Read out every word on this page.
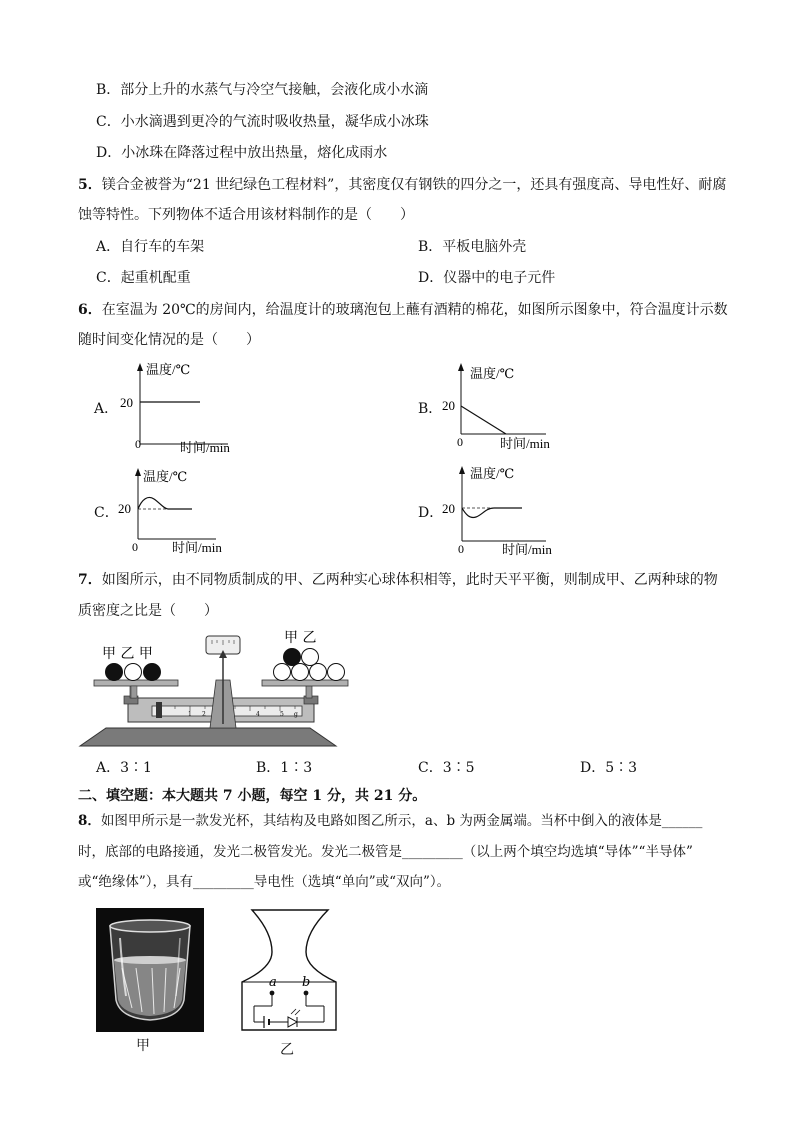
B．部分上升的水蒸气与冷空气接触，会液化成小水滴
C．小水滴遇到更冷的气流时吸收热量，凝华成小冰珠
D．小冰珠在降落过程中放出热量，熔化成雨水
5．镁合金被誉为“21 世纪绿色工程材料”，其密度仅有钢铁的四分之一，还具有强度高、导电性好、耐腐
蚀等特性。下列物体不适合用该材料制作的是（　　）
A．自行车的车架	B．平板电脑外壳
C．起重机配重	D．仪器中的电子元件
6．在室温为 20℃的房间内，给温度计的玻璃泡包上蘸有酒精的棉花，如图所示图象中，符合温度计示数
随时间变化情况的是（　　）
A．
温度/℃
20
0	时间/min
B．
温度/℃
20
0	时间/min
C．
温度/℃
20
0	时间/min
D．
温度/℃
20
0	时间/min
7．如图所示，由不同物质制成的甲、乙两种实心球体积相等，此时天平平衡，则制成甲、乙两种球的物
质密度之比是（　　）
1 2	4	5 g
甲 乙 甲
甲 乙
A．3∶1	B．1∶3	C．3∶5	D．5∶3
二、填空题：本大题共 7 小题，每空 1 分，共 21 分。
8．如图甲所示是一款发光杯，其结构及电路如图乙所示，a、b 为两金属端。当杯中倒入的液体是______
时，底部的电路接通，发光二极管发光。发光二极管是_________（以上两个填空均选填“导体”“半导体”
或“绝缘体”），具有_________导电性（选填“单向”或“双向”）。
甲
a b
乙
